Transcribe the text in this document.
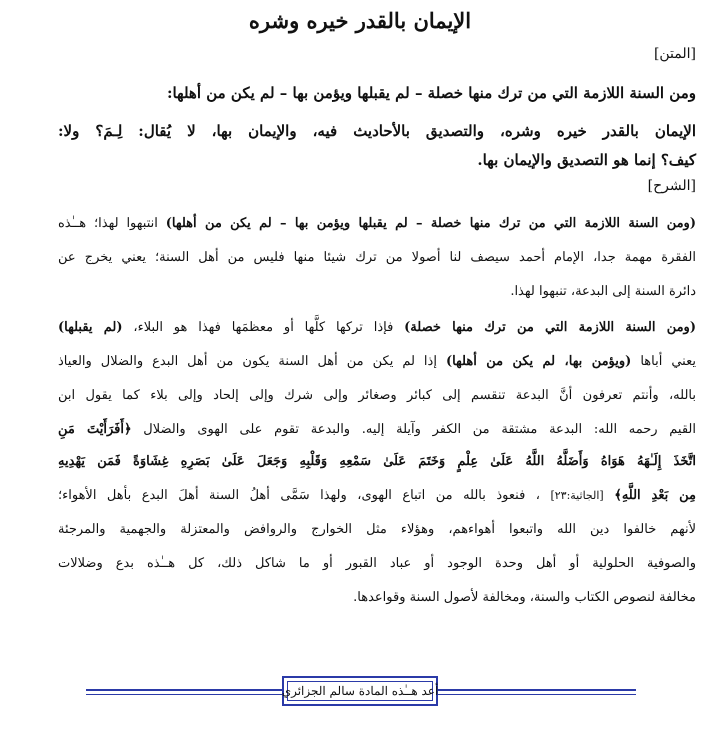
الإيمان بالقدر خيره وشره
[المتن]
ومن السنة اللازمة التي من ترك منها خصلة – لم يقبلها ويؤمن بها – لم يكن من أهلها:
الإيمان بالقدر خيره وشره، والتصديق بالأحاديث فيه، والإيمان بها، لا يُقال: لِـمَ؟ ولا:
كيف؟ إنما هو التصديق والإيمان بها.
[الشرح]
(ومن السنة اللازمة التي من ترك منها خصلة – لم يقبلها ويؤمن بها – لم يكن من أهلها) انتبهوا لهذا؛ هــٰذه
الفقرة مهمة جدا، الإمام أحمد سيصف لنا أصولا من ترك شيئا منها فليس من أهل السنة؛ يعني يخرج عن
دائرة السنة إلى البدعة، تنبهوا لهذا.
(ومن السنة اللازمة التي من ترك منها خصلة) فإذا تركها كلَّها أو معظمَها فهذا هو البلاء، (لم يقبلها)
يعني أباها (ويؤمن بها، لم يكن من أهلها) إذا لم يكن من أهل السنة يكون من أهل البدع والضلال والعياذ
بالله، وأنتم تعرفون أنَّ البدعة تنقسم إلى كبائر وصغائر وإلى شرك وإلى إلحاد وإلى بلاء كما يقول ابن
القيم رحمه الله: البدعة مشتقة من الكفر وآيلة إليه. والبدعة تقوم على الهوى والضلال ﴿أَفَرَأَيْتَ مَنِ
اتَّخَذَ إِلَـٰهَهُ هَوَاهُ وَأَضَلَّهُ اللَّهُ عَلَىٰ عِلْمٍ وَخَتَمَ عَلَىٰ سَمْعِهِ وَقَلْبِهِ وَجَعَلَ عَلَىٰ بَصَرِهِ غِشَاوَةً فَمَن يَهْدِيهِ
مِن بَعْدِ اللَّهِ﴾ [الجاثية:٢٣] ، فنعوذ بالله من اتباع الهوى، ولهذا سَمَّى أهلُ السنة أهلَ البدع بأهل الأهواء؛
لأنهم خالفوا دين الله واتبعوا أهواءهم، وهؤلاء مثل الخوارج والروافض والمعتزلة والجهمية والمرجئة
والصوفية الحلولية أو أهل وحدة الوجود أو عباد القبور أو ما شاكل ذلك، كل هــٰذه بدع وضلالات
مخالفة لنصوص الكتاب والسنة، ومخالفة لأصول السنة وقواعدها.
أعد هــٰذه المادة سالم الجزائري
